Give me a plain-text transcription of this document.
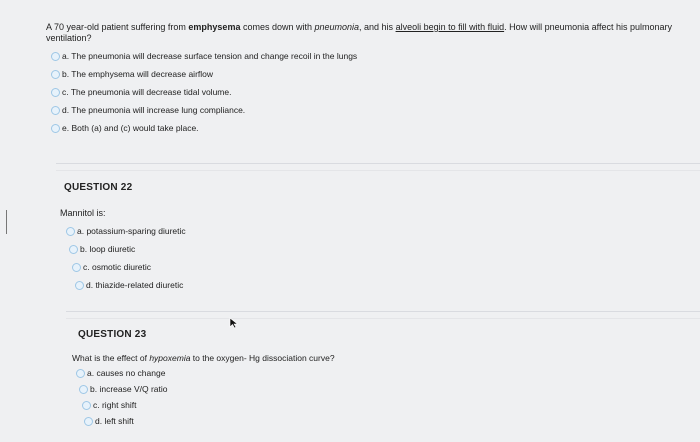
A 70 year-old patient suffering from emphysema comes down with pneumonia, and his alveoli begin to fill with fluid. How will pneumonia affect his pulmonary ventilation?

a. The pneumonia will decrease surface tension and change recoil in the lungs
b. The emphysema will decrease airflow
c. The pneumonia will decrease tidal volume.
d. The pneumonia will increase lung compliance.
e. Both (a) and (c) would take place.

QUESTION 22

Mannitol is:

a. potassium-sparing diuretic
b. loop diuretic
c. osmotic diuretic
d. thiazide-related diuretic

QUESTION 23

What is the effect of hypoxemia to the oxygen- Hg dissociation curve?

a. causes no change
b. increase V/Q ratio
c. right shift
d. left shift
